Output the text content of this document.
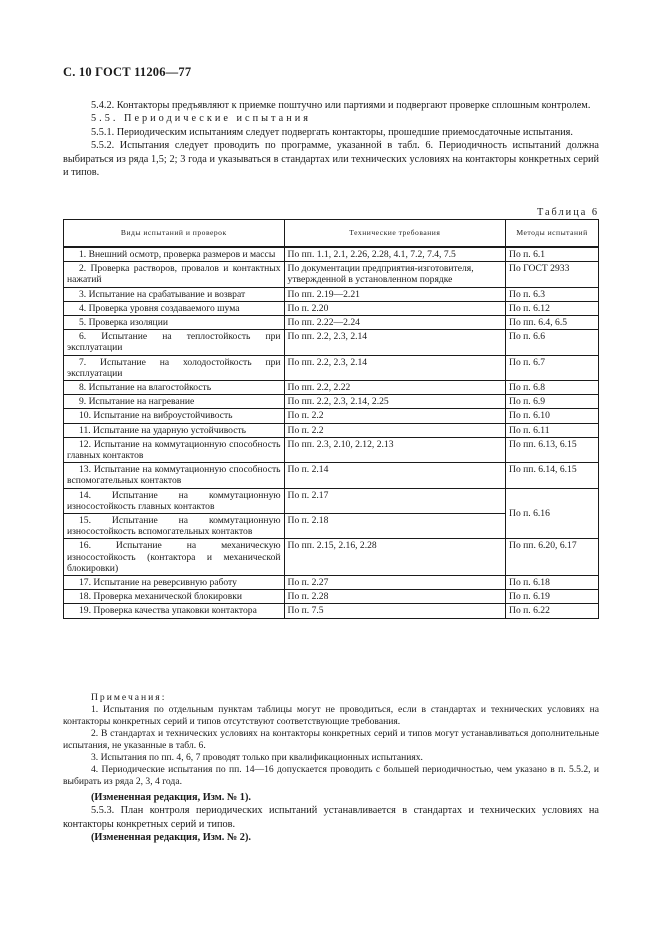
С. 10 ГОСТ 11206—77

5.4.2. Контакторы предъявляют к приемке поштучно или партиями и подвергают проверке сплошным контролем.

5.5. Периодические испытания

5.5.1. Периодическим испытаниям следует подвергать контакторы, прошедшие приемосдаточные испытания.

5.5.2. Испытания следует проводить по программе, указанной в табл. 6. Периодичность испытаний должна выбираться из ряда 1,5; 2; 3 года и указываться в стандартах или технических условиях на контакторы конкретных серий и типов.

Таблица 6
Виды испытаний и проверок	Технические требования	Методы испытаний
1. Внешний осмотр, проверка размеров и массы	По пп. 1.1, 2.1, 2.26, 2.28, 4.1, 7.2, 7.4, 7.5	По п. 6.1
2. Проверка растворов, провалов и контактных нажатий	По документации предприятия-изготовителя, утвержденной в установленном порядке	По ГОСТ 2933
3. Испытание на срабатывание и возврат	По пп. 2.19—2.21	По п. 6.3
4. Проверка уровня создаваемого шума	По п. 2.20	По п. 6.12
5. Проверка изоляции	По пп. 2.22—2.24	По пп. 6.4, 6.5
6. Испытание на теплостойкость при эксплуатации	По пп. 2.2, 2.3, 2.14	По п. 6.6
7. Испытание на холодостойкость при эксплуатации	По пп. 2.2, 2.3, 2.14	По п. 6.7
8. Испытание на влагостойкость	По пп. 2.2, 2.22	По п. 6.8
9. Испытание на нагревание	По пп. 2.2, 2.3, 2.14, 2.25	По п. 6.9
10. Испытание на виброустойчивость	По п. 2.2	По п. 6.10
11. Испытание на ударную устойчивость	По п. 2.2	По п. 6.11
12. Испытание на коммутационную способность главных контактов	По пп. 2.3, 2.10, 2.12, 2.13	По пп. 6.13, 6.15
13. Испытание на коммутационную способность вспомогательных контактов	По п. 2.14	По пп. 6.14, 6.15
14. Испытание на коммутационную износостойкость главных контактов	По п. 2.17	По п. 6.16
15. Испытание на коммутационную износостойкость вспомогательных контактов	По п. 2.18	
16. Испытание на механическую износостойкость (контактора и механической блокировки)	По пп. 2.15, 2.16, 2.28	По пп. 6.20, 6.17
17. Испытание на реверсивную работу	По п. 2.27	По п. 6.18
18. Проверка механической блокировки	По п. 2.28	По п. 6.19
19. Проверка качества упаковки контактора	По п. 7.5	По п. 6.22

Примечания:

1. Испытания по отдельным пунктам таблицы могут не проводиться, если в стандартах и технических условиях на контакторы конкретных серий и типов отсутствуют соответствующие требования.

2. В стандартах и технических условиях на контакторы конкретных серий и типов могут устанавливаться дополнительные испытания, не указанные в табл. 6.

3. Испытания по пп. 4, 6, 7 проводят только при квалификационных испытаниях.

4. Периодические испытания по пп. 14—16 допускается проводить с большей периодичностью, чем указано в п. 5.5.2, и выбирать из ряда 2, 3, 4 года.

(Измененная редакция, Изм. № 1).

5.5.3. План контроля периодических испытаний устанавливается в стандартах и технических условиях на контакторы конкретных серий и типов.

(Измененная редакция, Изм. № 2).
